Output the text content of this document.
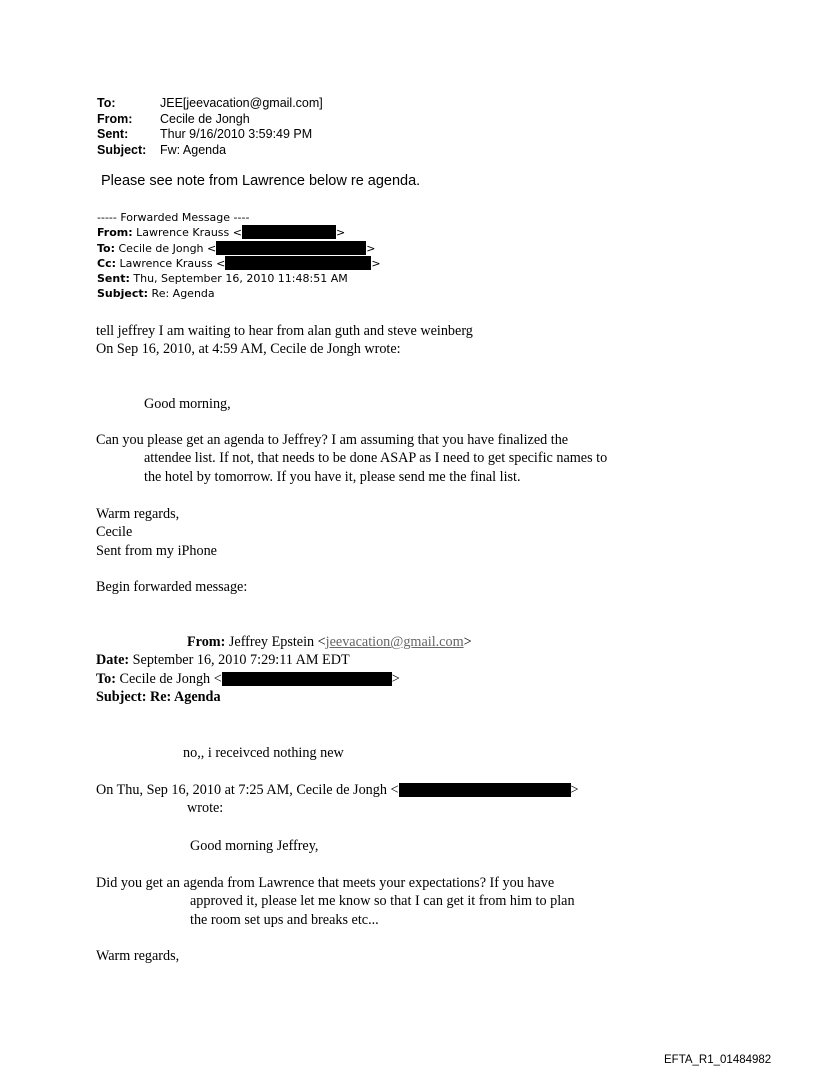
To:	JEE[jeevacation@gmail.com]
From:	Cecile de Jongh
Sent:	Thur 9/16/2010 3:59:49 PM
Subject:	Fw: Agenda
Please see note from Lawrence below re agenda.
----- Forwarded Message ----
From: Lawrence Krauss <	>
To: Cecile de Jongh <	>
Cc: Lawrence Krauss <	>
Sent: Thu, September 16, 2010 11:48:51 AM
Subject: Re: Agenda
tell jeffrey I am waiting to hear from alan guth and steve weinberg
On Sep 16, 2010, at 4:59 AM, Cecile de Jongh wrote:
Good morning,
Can you please get an agenda to Jeffrey? I am assuming that you have finalized the
attendee list. If not, that needs to be done ASAP as I need to get specific names to
the hotel by tomorrow. If you have it, please send me the final list.
Warm regards,
Cecile
Sent from my iPhone
Begin forwarded message:
From: Jeffrey Epstein <jeevacation@gmail.com>
Date: September 16, 2010 7:29:11 AM EDT
To: Cecile de Jongh <	>
Subject: Re: Agenda
no,, i receivced nothing new
On Thu, Sep 16, 2010 at 7:25 AM, Cecile de Jongh <	>
wrote:
Good morning Jeffrey,
Did you get an agenda from Lawrence that meets your expectations? If you have
approved it, please let me know so that I can get it from him to plan
the room set ups and breaks etc...
Warm regards,
EFTA_R1_01484982
